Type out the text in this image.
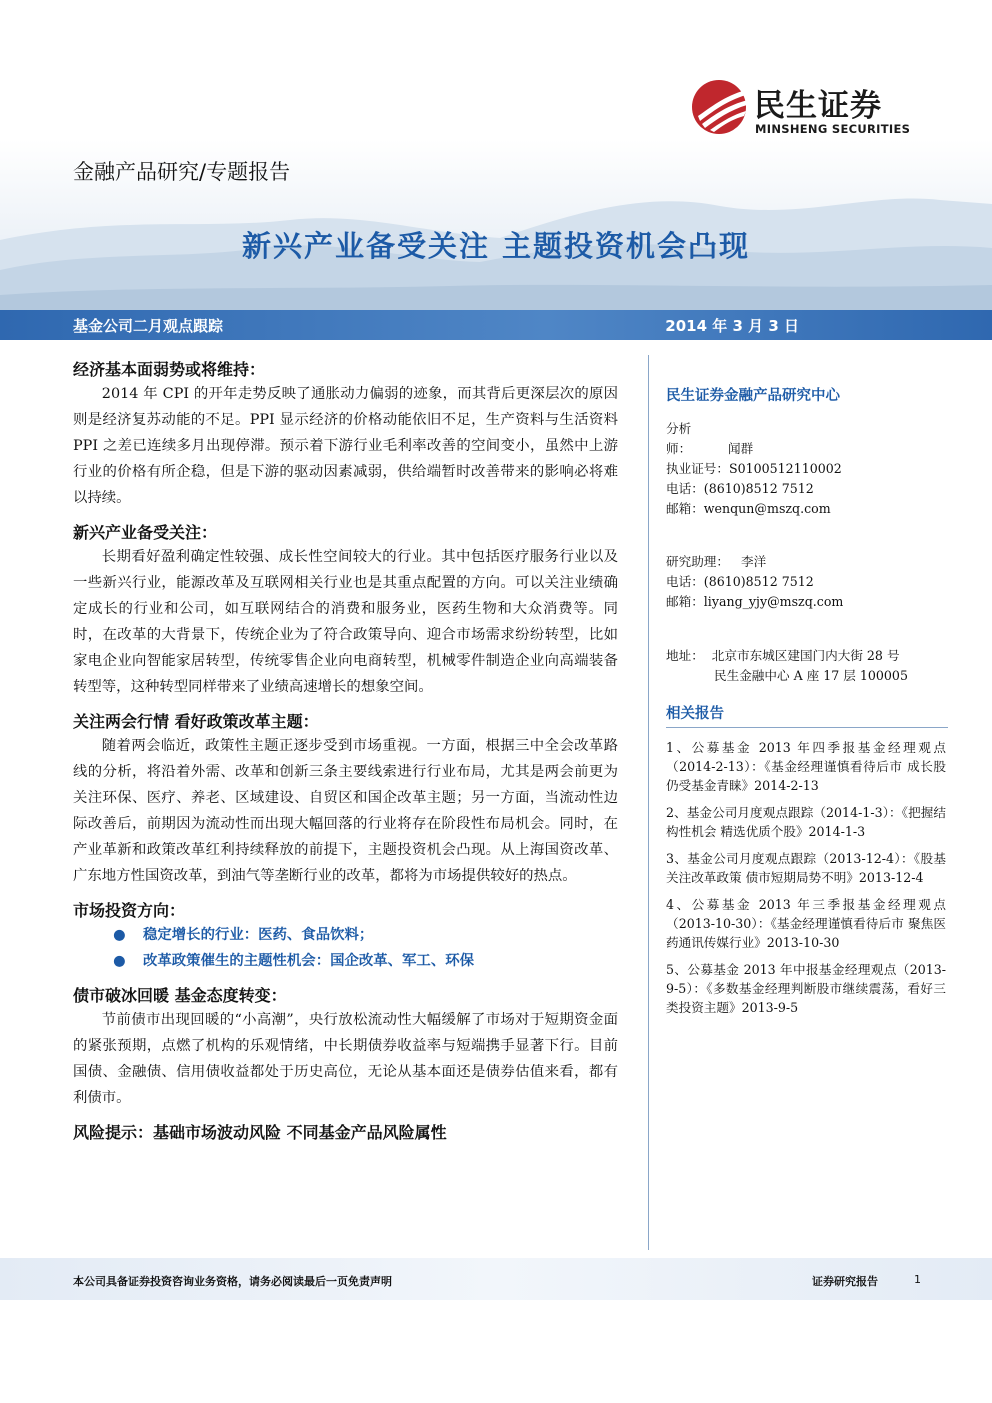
民生证券
MINSHENG SECURITIES
金融产品研究/专题报告
新兴产业备受关注 主题投资机会凸现
基金公司二月观点跟踪	2014 年 3 月 3 日

经济基本面弱势或将维持：

2014 年 CPI 的开年走势反映了通胀动力偏弱的迹象，而其背后更深层次的原因则是经济复苏动能的不足。PPI 显示经济的价格动能依旧不足，生产资料与生活资料 PPI 之差已连续多月出现停滞。预示着下游行业毛利率改善的空间变小，虽然中上游行业的价格有所企稳，但是下游的驱动因素减弱，供给端暂时改善带来的影响必将难以持续。

新兴产业备受关注：

长期看好盈利确定性较强、成长性空间较大的行业。其中包括医疗服务行业以及一些新兴行业，能源改革及互联网相关行业也是其重点配置的方向。可以关注业绩确定成长的行业和公司，如互联网结合的消费和服务业，医药生物和大众消费等。同时，在改革的大背景下，传统企业为了符合政策导向、迎合市场需求纷纷转型，比如家电企业向智能家居转型，传统零售企业向电商转型，机械零件制造企业向高端装备转型等，这种转型同样带来了业绩高速增长的想象空间。

关注两会行情 看好政策改革主题：

随着两会临近，政策性主题正逐步受到市场重视。一方面，根据三中全会改革路线的分析，将沿着外需、改革和创新三条主要线索进行行业布局，尤其是两会前更为关注环保、医疗、养老、区域建设、自贸区和国企改革主题；另一方面，当流动性边际改善后，前期因为流动性而出现大幅回落的行业将存在阶段性布局机会。同时，在产业革新和政策改革红利持续释放的前提下，主题投资机会凸现。从上海国资改革、广东地方性国资改革，到油气等垄断行业的改革，都将为市场提供较好的热点。

市场投资方向：

● 稳定增长的行业：医药、食品饮料；
● 改革政策催生的主题性机会：国企改革、军工、环保

债市破冰回暖 基金态度转变：

节前债市出现回暖的“小高潮”，央行放松流动性大幅缓解了市场对于短期资金面的紧张预期，点燃了机构的乐观情绪，中长期债券收益率与短端携手显著下行。目前国债、金融债、信用债收益都处于历史高位，无论从基本面还是债券估值来看，都有利债市。

风险提示：基础市场波动风险 不同基金产品风险属性

民生证券金融产品研究中心

分析师：	闻群

执业证号：S0100512110002

电话：(8610)8512 7512

邮箱：wenqun@mszq.com

研究助理： 李洋

电话：(8610)8512 7512

邮箱：liyang_yjy@mszq.com

地址： 北京市东城区建国门内大街 28 号

民生金融中心 A 座 17 层 100005

相关报告

1、公募基金 2013 年四季报基金经理观点（2014-2-13）：《基金经理谨慎看待后市 成长股仍受基金青睐》2014-2-13

2、基金公司月度观点跟踪（2014-1-3）：《把握结构性机会 精选优质个股》2014-1-3

3、基金公司月度观点跟踪（2013-12-4）：《股基关注改革政策 债市短期局势不明》2013-12-4

4、公募基金 2013 年三季报基金经理观点（2013-10-30）：《基金经理谨慎看待后市 聚焦医药通讯传媒行业》2013-10-30

5、公募基金 2013 年中报基金经理观点（2013-9-5）：《多数基金经理判断股市继续震荡，看好三类投资主题》2013-9-5

本公司具备证券投资咨询业务资格，请务必阅读最后一页免责声明	证券研究报告	1
